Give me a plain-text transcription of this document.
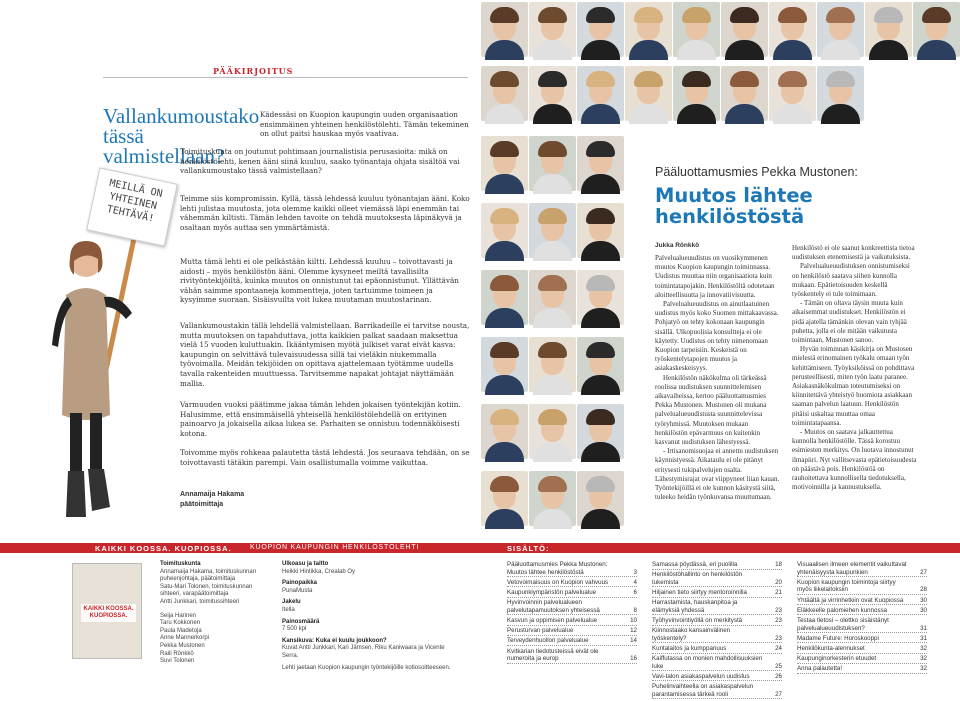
PÄÄKIRJOITUS
Vallankumoustako tässä valmistellaan?
Kädessäsi on Kuopion kaupungin uuden organisaation ensimmäinen yhteinen henkilöstölehti. Tämän tekeminen on ollut paitsi hauskaa myös vaativaa.
Toimituskunta on joutunut pohtimaan journalistisia perusasioita: mikä on henkilöstölehti, kenen ääni siinä kuuluu, saako työnantaja ohjata sisältöä vai vallankumoustako tässä valmistellaan?
Teimme siis kompromissin. Kyllä, tässä lehdessä kuuluu työnantajan ääni. Koko lehti julistaa muutosta, jota olemme kaikki olleet viemässä läpi enemmän tai vähemmän kiltisti. Tämän lehden tavoite on tehdä muutoksesta läpinäkyvä ja osaltaan myös auttaa sen ymmärtämistä.
Mutta tämä lehti ei ole pelkästään kiltti. Lehdessä kuuluu – toivottavasti ja aidosti – myös henkilöstön ääni. Olemme kysyneet meiltä tavallisilta rivityöntekijöiltä, kuinka muutos on onnistunut tai epäonnistunut. Yllättävän vähän saimme spontaaneja kommentteja, joten tartuimme toimeen ja kysyimme suoraan. Sisäisvuilta voit lukea muutaman muutostarinan.
Vallankumoustakin tällä lehdellä valmistellaan. Barrikadeille ei tarvitse nousta, mutta muutoksen on tapahduttava, jotta kaikkien palkat saadaan maksettua vielä 15 vuoden kuluttuakin. Ikääntymisen myötä julkiset varat eivät kasva: kaupungin on selvittävä tulevaisuudessa sillä tai vieläkin niukemmalla työvoimalla. Meidän tekijöiden on opittava ajattelemaan työtämme uudella tavalla rakenteiden muuttuessa. Tarvitsemme napakat johtajat näyttämään mallia.
Varmuuden vuoksi päätimme jakaa tämän lehden jokaisen työntekijän kotiin. Halusimme, että ensimmäisellä yhteisellä henkilöstölehdellä on erityinen painoarvo ja jokaisella aikaa lukea se. Parhaiten se onnistuu todennäköisesti kotona.
Toivomme myös rohkeaa palautetta tästä lehdestä. Jos seuraava tehdään, on se toivottavasti tätäkin parempi. Vain osallistumalla voimme vaikuttaa.
Annamaija Hakama
päätoimittaja
MEILLÄ ON YHTEINEN TEHTÄVÄ!
Pääluottamusmies Pekka Mustonen:
Muutos lähtee henkilöstöstä
Jukka Rönkkö

Palvelualueuudistus on vuosikymmenen muutos Kuopion kaupungin toiminnassa. Uudistus muuttaa niin organisaatiota kuin toimintatapojakin. Henkilöstöltä odotetaan aloitteellisuutta ja innovatiivisuutta.

Palvelualueuudistus on ainutlaatuinen uudistus myös koko Suomen mittakaavassa. Pohjatyö on tehty kokonaan kaupungin sisällä. Ulkopuolisia konsultteja ei ole käytetty. Uudistus on tehty nimenomaan Kuopion tarpeisiin. Keskeistä on työskentelytapojen muutos ja asiakaskeskeisyys.

Henkilöstön näkökulma oli tärkeässä roolissa uudistuksen suunnittelemisen aikavaiheissa, kertoo pääluottamusmies Pekka Mustonen. Mustonen oli mukana palvelualueuudistusta suunnittelevissa työryhmissä. Muutoksen mukaan henkilöstön epävarmuus on kuitenkin kasvanut uudistuksen lähestyessä.

- Irtisanomisuojaa ei annettu uudistuksen käynnistyessä. Aikataulu ei ole pitänyt eritysesti tukipalvelujen osalta. Lähestymisrajat ovat viippyneet liian kauan. Työntekijöillä ei ole kunnon käsitystä siitä, tuleeko heidän työnkuvansa muuttumaan.

Henkilöstö ei ole saanut konkreettista tietoa uudistuksen etenemisestä ja vaikutuksista.

Palvelualueuudistuksen onnistumiseksi on henkilöstö saatava siihen kunnolla mukaan. Epätietoisuuden keskellä työskentely ei tule toimimaan.

- Tämän on oltava täysin muuta kuin aikaisemmat uudistukset. Henkilöstön ei pidä ajatella tämänkin olevan vain tyhjää puhetta, jolla ei ole mitään vaikutusta toimintaan, Mustonen sanoo.

Hyvän toiminnan käsikirja on Mustosen mielestä erinomainen työkalu omaan työn kehittämiseen. Työyksiköissä on pohdittava perusteellisesti, miten työn laatu paranee. Asiakasnäkökulman toteutumiseksi on kiinnitettävä yhteistyö huomiota asiakkaan saaman palvelun laatuun. Henkilöstön pitäisi uskaltaa muuttaa omaa toimintatapaansa.

- Muutos on saatava jalkauttettua kunnolla henkilöstölle. Tässä korostuu esimiesten merkitys. On luotava innostunut ilmapiiri. Nyt vallitsevasta epätietoisuudesta on päästävä pois. Henkilöstöä on rauhoitettava kunnollisella tiedotuksella, motivoinnilla ja kannustuksella.

KAIKKI KOOSSA. KUOPIOSSA.	KUOPION KAUPUNGIN HENKILÖSTÖLEHTI	SISÄLTÖ:
KAIKKI KOOSSA. KUOPIOSSA.
Toimituskunta
Annamaija Hakama, toimituskunnan puheenjohtaja, päätoimittaja
Satu-Mari Tolonen, toimituskunnan sihteeri, varapäätoimittaja
Antti Junkkari, toimitussihteeri
Seija Harinen
Taru Kokkonen
Paula Madetoja
Anne Mannerkorpi
Pekka Mustonen
Raili Rönkkö
Suvi Tolonen
Ulkoasu ja taitto
Heikki Hintikka, Crealab Oy
Painopaikka
PunaMusta
Jakelu
Itella
Painosmäärä
7 500 kpl
Kansikuva: Kuka ei kuulu joukkoon?
Kuvat Antti Junkkari, Kari Jämsen, Riku Kaniwaara ja Vicente Serra.
Lehti jaetaan Kuopion kaupungin työntekijöille kotiosoitteeseen.
Pääluottamusmies Pekka Mustonen: Muutos lähtee henkilöstöstä	3
Vetovoimaisuus on Kuopion vahvuus	4
Kaupunkiympäristön palvelualue	6
Hyvinvoinnin palvelualueen palvelutapamuutoksen yhteisessä	8
Kasvun ja oppimisen palvelualue	10
Perusturvan palvelualue	12
Terveydenhuollon palvelualue	14
Kvitkarian tiedotusteissä eivät ole numeroita ja europ	16
Samassa pöydässä, eri puolilla	18
Henkilöstöhallinto on henkilöstön tukemista	20
Hiljainen tieto siirtyy mentoroinnilla	21
Harrastamista, hauskanpitoa ja elämyksiä yhdessä	23
Työhyvinvointiyöllä on merkitystä	23
Kiinnostaako kansainvälinen työskentely?	23
Kuntalaitos ja kumppanuus	24
Kaiffutassa on monien mahdollisuuksien luke	25
Vavi-talon asiakaspalvelun uudistus	26
Puhelinvaihteella on asiakaspalvelun parantamisessa tärkeä rooli	27
Visuaalisen ilmeen elementit vaikuttavat yhtenäisyysta kaupunkien	27
Kuopion kaupungin toimintoja siirtyy myös liikelaitoksiin	28
Yhtäältä ja virrinhetkiin ovat Kuopiossa	30
Eläkkeelle palomiehen kunnossa	30
Testaa tietosi – olettko sisäistänyt palvelualueuudistuksen?	31
Madame Future: Horoskooppi	31
Henkilökunta-alennukset	32
Kaupunginorkesterin etuudet	32
Anna palautetta!	32
